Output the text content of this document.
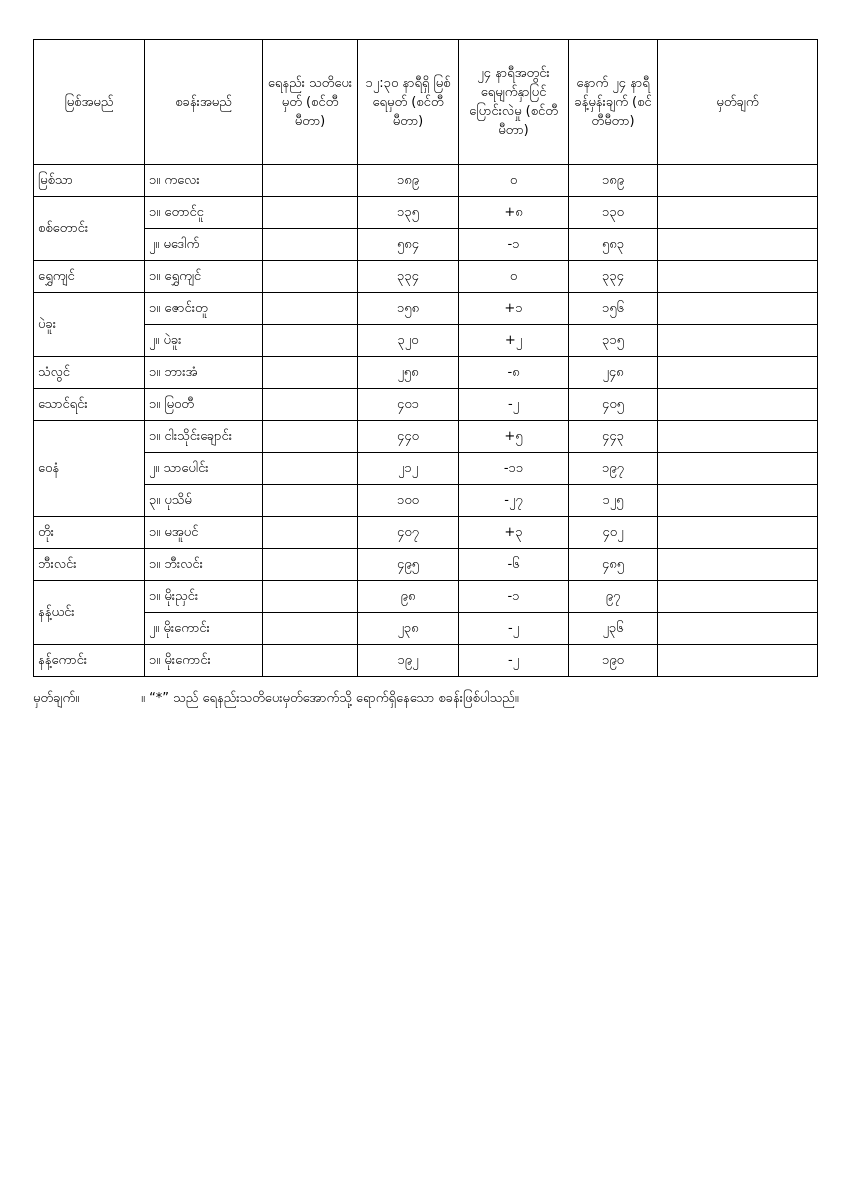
မြစ်အမည်	စခန်းအမည်	ရေနည်း သတိပေးမှတ် (စင်တီမီတာ)	၁၂:၃၀ နာရီရှိ မြစ်ရေမှတ် (စင်တီမီတာ)	၂၄ နာရီအတွင်း ရေမျက်နှာပြင် ပြောင်းလဲမှု (စင်တီမီတာ)	နောက် ၂၄ နာရီ ခန့်မှန်းချက် (စင်တီမီတာ)	မှတ်ချက်
မြစ်သာ	၁။ ကလေး		၁၈၉	၀	၁၈၉	
စစ်တောင်း	၁။ တောင်ငူ		၁၃၅	+၈	၁၃၀	
	၂။ မဒေါက်		၅၈၄	-၁	၅၈၃	
ရွှေကျင်	၁။ ရွှေကျင်		၃၃၄	၀	၃၃၄	
ပဲခူး	၁။ ဇောင်းတူ		၁၅၈	+၁	၁၅၆	
	၂။ ပဲခူး		၃၂၀	+၂	၃၁၅	
သံလွင်	၁။ ဘားအံ		၂၅၈	-၈	၂၄၈	
သောင်ရင်း	၁။ မြဝတီ		၄၀၁	-၂	၄၀၅	
ဝေနံ	၁။ ငါးသိုင်းချောင်း		၄၄၀	+၅	၄၄၃	
	၂။ သာပေါင်း		၂၁၂	-၁၁	၁၉၇	
	၃။ ပုသိမ်		၁၀၀	-၂၇	၁၂၅	
တိုး	၁။ မအူပင်		၄၀၇	+၃	၄၀၂	
ဘီးလင်း	၁။ ဘီးလင်း		၄၉၅	-၆	၄၈၅	
နန့်ယင်း	၁။ မိုးညှင်း		၉၈	-၁	၉၇	
	၂။ မိုးကောင်း		၂၃၈	-၂	၂၃၆	
နန့်ကောင်း	၁။ မိုးကောင်း		၁၉၂	-၂	၁၉၀	
မှတ်ချက်။	။ “*” သည် ရေနည်းသတိပေးမှတ်အောက်သို့ ရောက်ရှိနေသော စခန်းဖြစ်ပါသည်။
